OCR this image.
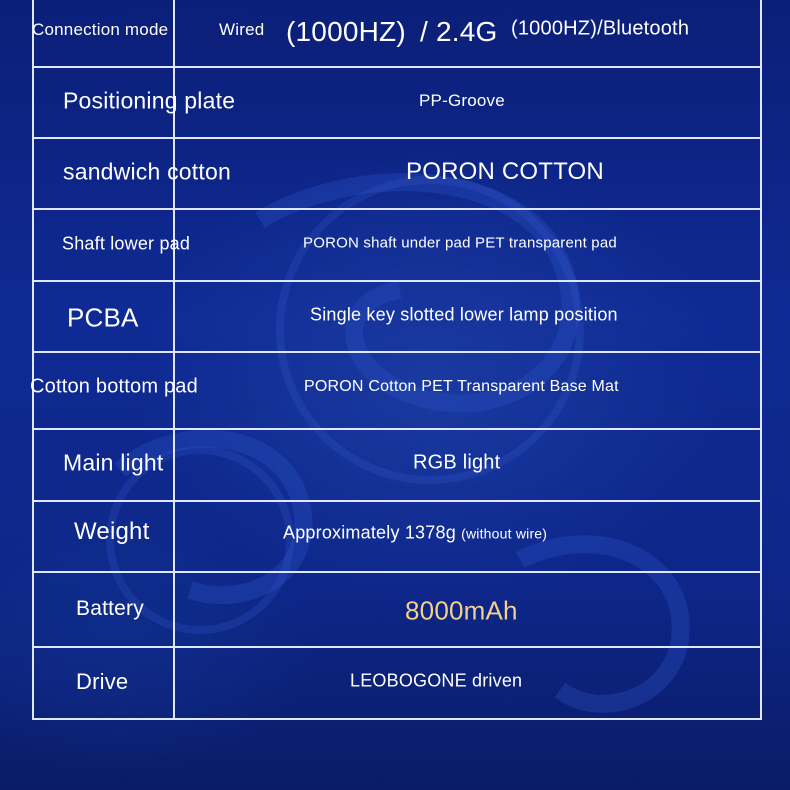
Connection mode	Wired (1000HZ) / 2.4G (1000HZ)/Bluetooth
Positioning plate	PP-Groove
sandwich cotton	PORON COTTON
Shaft lower pad	PORON shaft under pad PET transparent pad
PCBA	Single key slotted lower lamp position
Cotton bottom pad	PORON Cotton PET Transparent Base Mat
Main light	RGB light
Weight	Approximately 1378g (without wire)
Battery	8000mAh
Drive	LEOBOGONE driven
